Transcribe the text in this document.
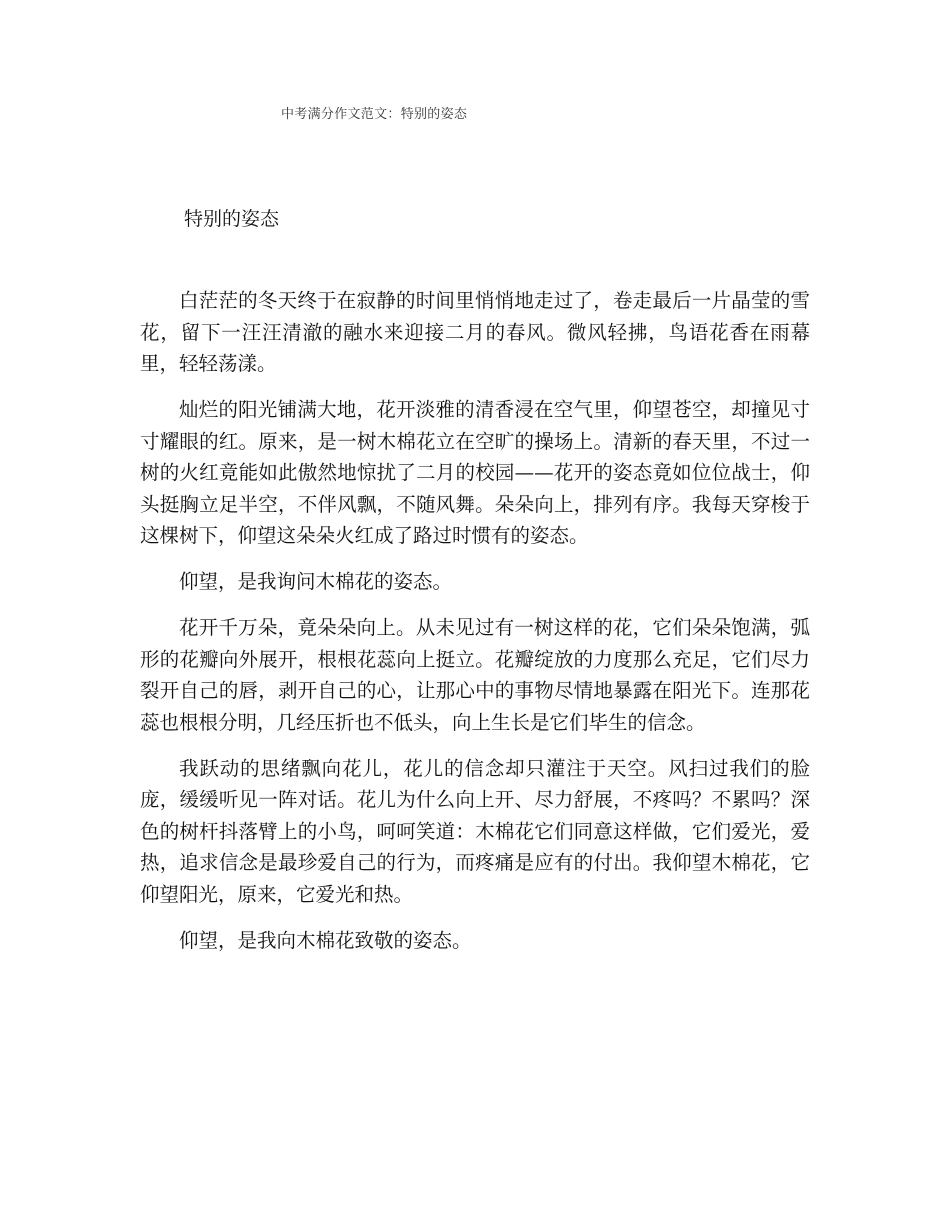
中考满分作文范文：特别的姿态
特别的姿态

白茫茫的冬天终于在寂静的时间里悄悄地走过了，卷走最后一片晶莹的雪花，留下一汪汪清澈的融水来迎接二月的春风。微风轻拂，鸟语花香在雨幕里，轻轻荡漾。

灿烂的阳光铺满大地，花开淡雅的清香浸在空气里，仰望苍空，却撞见寸寸耀眼的红。原来，是一树木棉花立在空旷的操场上。清新的春天里，不过一树的火红竟能如此傲然地惊扰了二月的校园——花开的姿态竟如位位战士，仰头挺胸立足半空，不伴风飘，不随风舞。朵朵向上，排列有序。我每天穿梭于这棵树下，仰望这朵朵火红成了路过时惯有的姿态。

仰望，是我询问木棉花的姿态。

花开千万朵，竟朵朵向上。从未见过有一树这样的花，它们朵朵饱满，弧形的花瓣向外展开，根根花蕊向上挺立。花瓣绽放的力度那么充足，它们尽力裂开自己的唇，剥开自己的心，让那心中的事物尽情地暴露在阳光下。连那花蕊也根根分明，几经压折也不低头，向上生长是它们毕生的信念。

我跃动的思绪飘向花儿，花儿的信念却只灌注于天空。风扫过我们的脸庞，缓缓听见一阵对话。花儿为什么向上开、尽力舒展，不疼吗？不累吗？深色的树杆抖落臂上的小鸟，呵呵笑道：木棉花它们同意这样做，它们爱光，爱热，追求信念是最珍爱自己的行为，而疼痛是应有的付出。我仰望木棉花，它仰望阳光，原来，它爱光和热。

仰望，是我向木棉花致敬的姿态。
